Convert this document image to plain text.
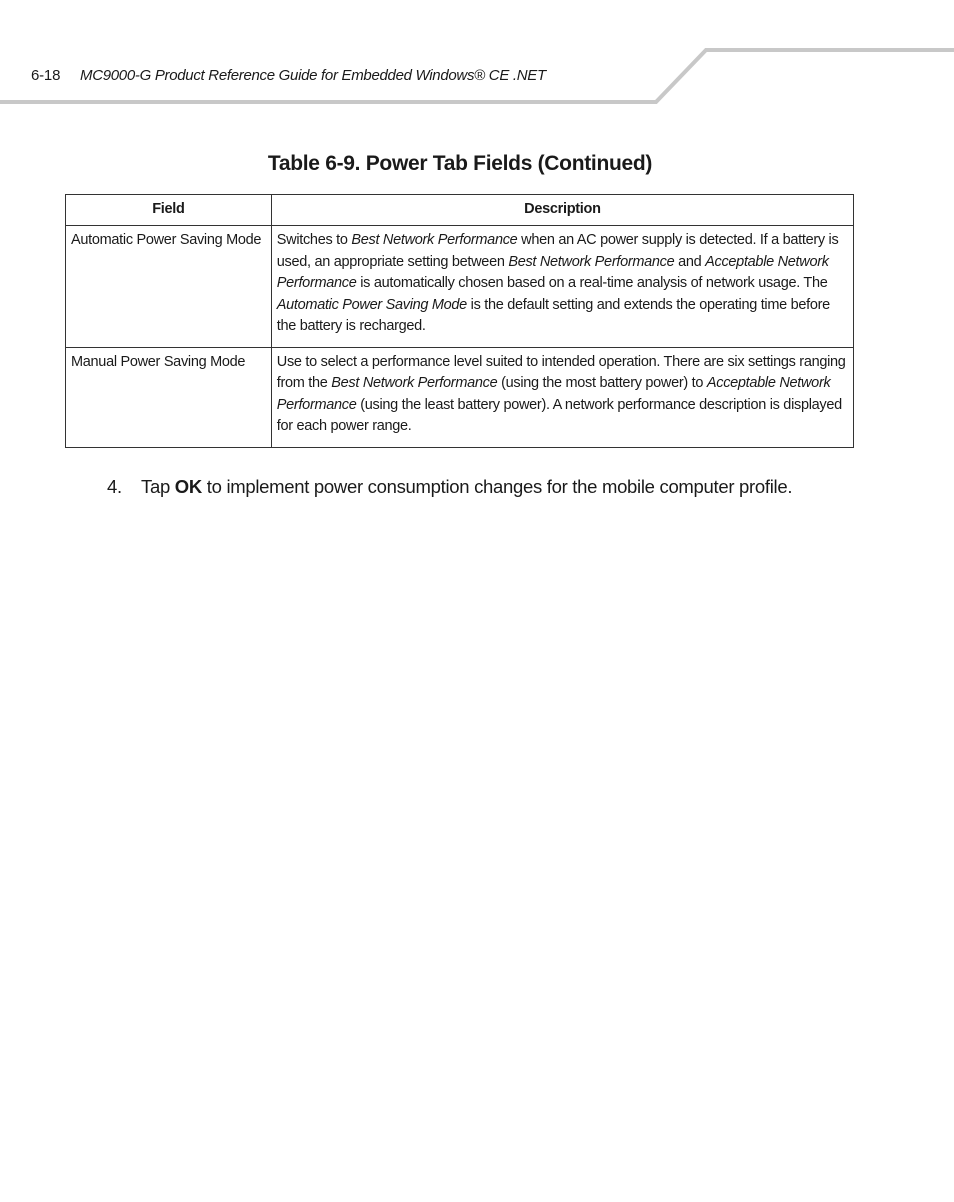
6-18 MC9000-G Product Reference Guide for Embedded Windows® CE .NET
Table 6-9. Power Tab Fields (Continued)
Field	Description
Automatic Power Saving Mode	Switches to Best Network Performance when an AC power supply is detected. If a battery is used, an appropriate setting between Best Network Performance and Acceptable Network Performance is automatically chosen based on a real-time analysis of network usage. The Automatic Power Saving Mode is the default setting and extends the operating time before the battery is recharged.
Manual Power Saving Mode	Use to select a performance level suited to intended operation. There are six settings ranging from the Best Network Performance (using the most battery power) to Acceptable Network Performance (using the least battery power). A network performance description is displayed for each power range.
4. Tap OK to implement power consumption changes for the mobile computer profile.
